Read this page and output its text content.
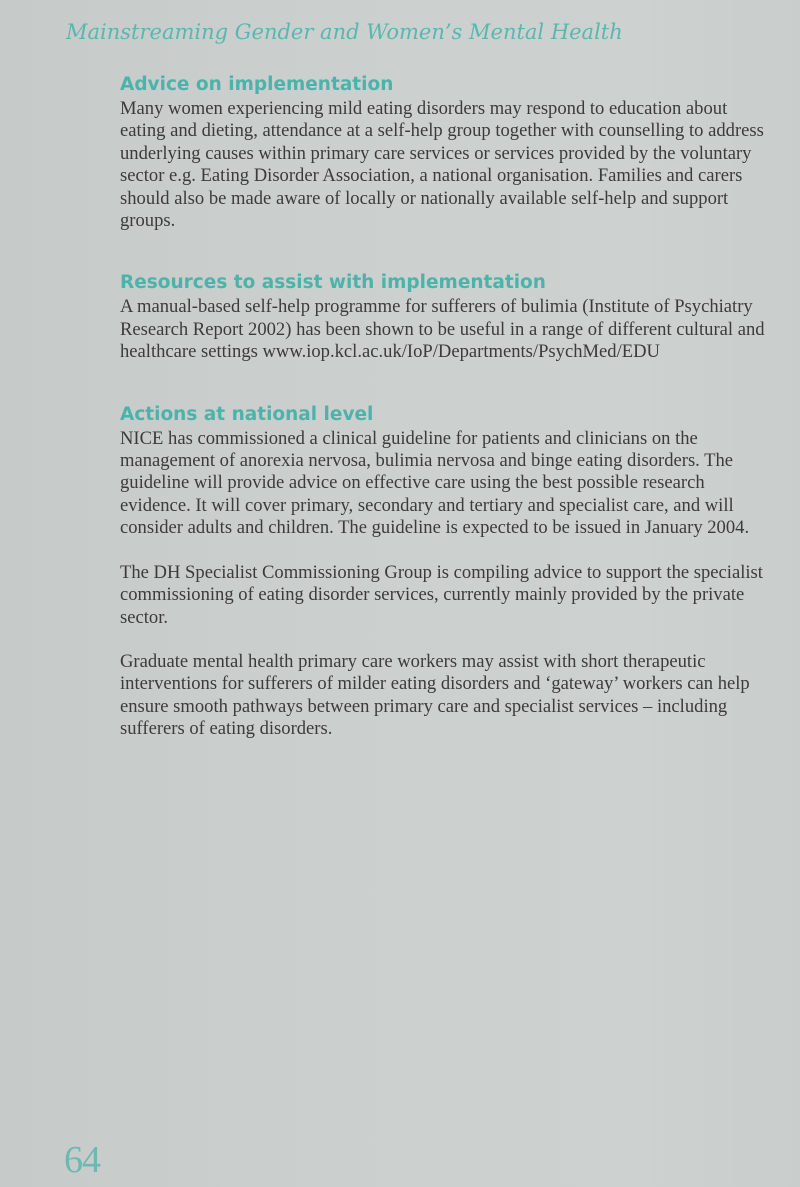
Mainstreaming Gender and Women’s Mental Health
Advice on implementation

Many women experiencing mild eating disorders may respond to education about eating and dieting, attendance at a self-help group together with counselling to address underlying causes within primary care services or services provided by the voluntary sector e.g. Eating Disorder Association, a national organisation. Families and carers should also be made aware of locally or nationally available self-help and support groups.

Resources to assist with implementation

A manual-based self-help programme for sufferers of bulimia (Institute of Psychiatry Research Report 2002) has been shown to be useful in a range of different cultural and healthcare settings www.iop.kcl.ac.uk/IoP/Departments/PsychMed/EDU

Actions at national level

NICE has commissioned a clinical guideline for patients and clinicians on the management of anorexia nervosa, bulimia nervosa and binge eating disorders. The guideline will provide advice on effective care using the best possible research evidence. It will cover primary, secondary and tertiary and specialist care, and will consider adults and children. The guideline is expected to be issued in January 2004.

The DH Specialist Commissioning Group is compiling advice to support the specialist commissioning of eating disorder services, currently mainly provided by the private sector.

Graduate mental health primary care workers may assist with short therapeutic interventions for sufferers of milder eating disorders and ‘gateway’ workers can help ensure smooth pathways between primary care and specialist services – including sufferers of eating disorders.

64
